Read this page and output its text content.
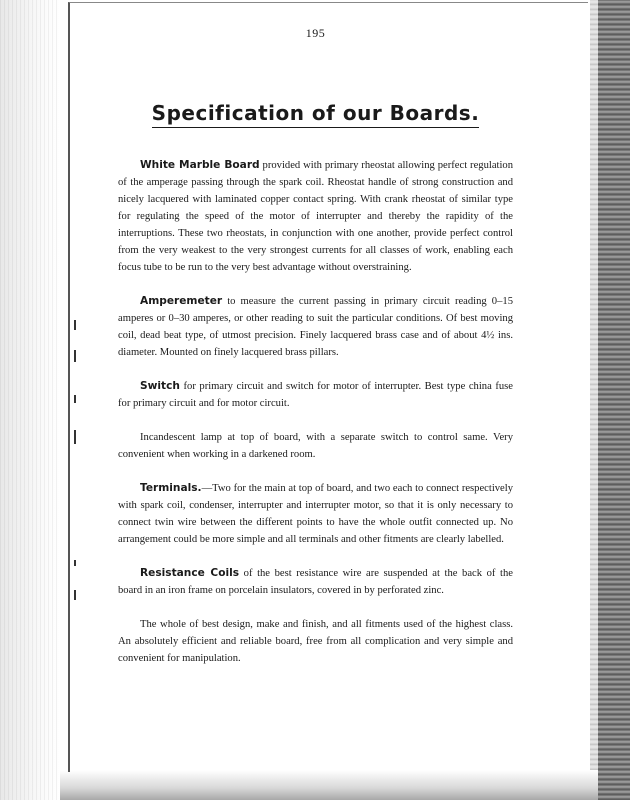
195
Specification of our Boards.

White Marble Board provided with primary rheostat allowing perfect regulation of the amperage passing through the spark coil. Rheostat handle of strong construction and nicely lacquered with laminated copper contact spring. With crank rheostat of similar type for regulating the speed of the motor of interrupter and thereby the rapidity of the interruptions. These two rheostats, in conjunction with one another, provide perfect control from the very weakest to the very strongest currents for all classes of work, enabling each focus tube to be run to the very best advantage without overstraining.

Amperemeter to measure the current passing in primary circuit reading 0–15 amperes or 0–30 amperes, or other reading to suit the particular conditions. Of best moving coil, dead beat type, of utmost precision. Finely lacquered brass case and of about 4½ ins. diameter. Mounted on finely lacquered brass pillars.

Switch for primary circuit and switch for motor of interrupter. Best type china fuse for primary circuit and for motor circuit.

Incandescent lamp at top of board, with a separate switch to control same. Very convenient when working in a darkened room.

Terminals.—Two for the main at top of board, and two each to connect respectively with spark coil, condenser, interrupter and interrupter motor, so that it is only necessary to connect twin wire between the different points to have the whole outfit connected up. No arrangement could be more simple and all terminals and other fitments are clearly labelled.

Resistance Coils of the best resistance wire are suspended at the back of the board in an iron frame on porcelain insulators, covered in by perforated zinc.

The whole of best design, make and finish, and all fitments used of the highest class. An absolutely efficient and reliable board, free from all complication and very simple and convenient for manipulation.
